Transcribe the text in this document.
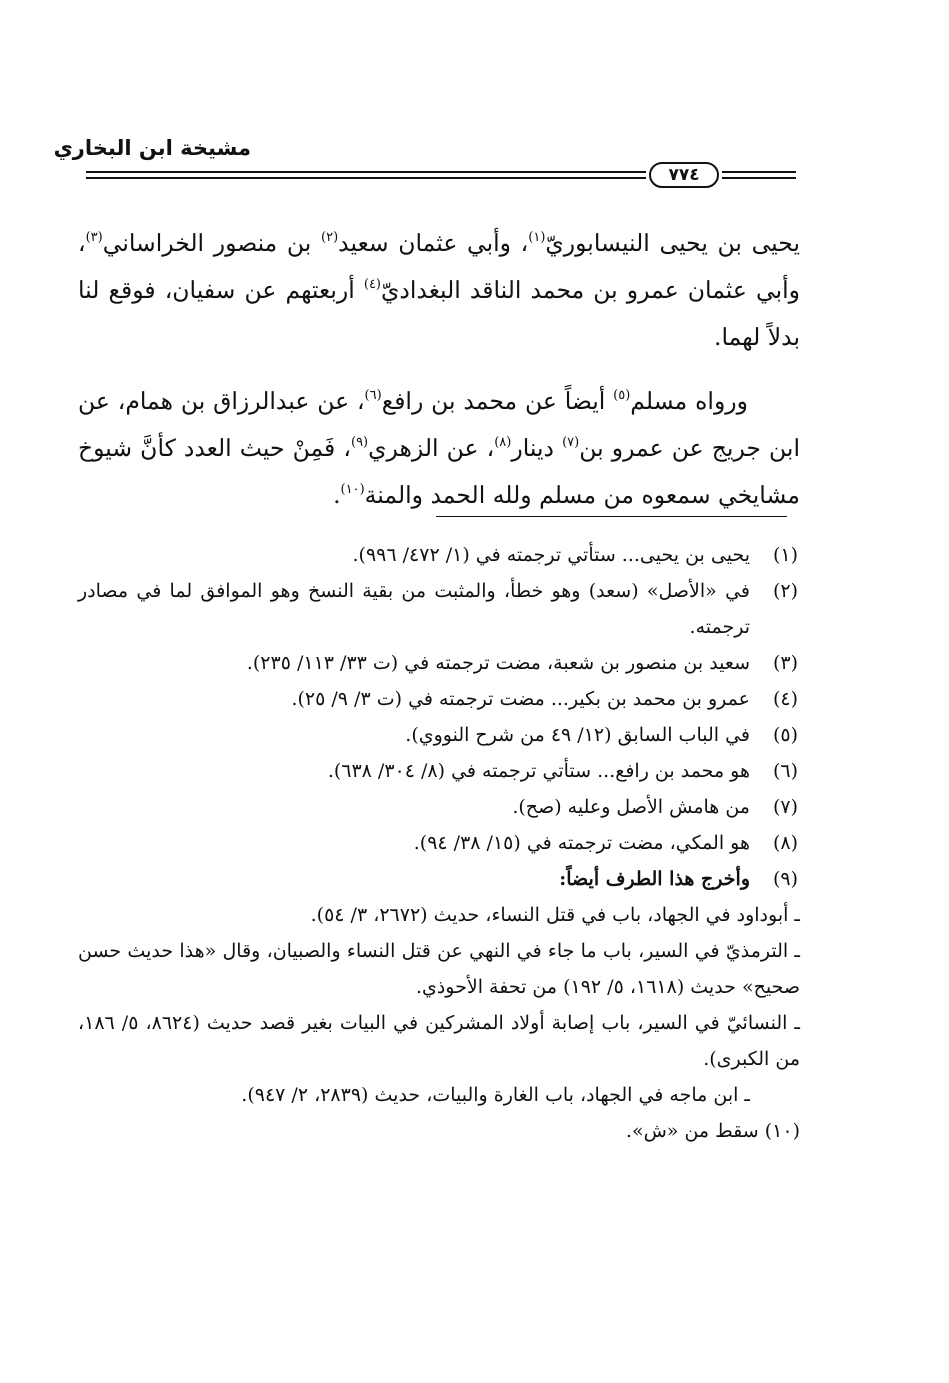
مشيخة ابن البخاري
٧٧٤

يحيى بن يحيى النيسابوريّ$^{(١)}$، وأبي عثمان سعيد$^{(٢)}$ بن منصور الخراساني$^{(٣)}$، وأبي عثمان عمرو بن محمد الناقد البغداديّ$^{(٤)}$ أربعتهم عن سفيان، فوقع لنا بدلاً لهما.

ورواه مسلم$^{(٥)}$ أيضاً عن محمد بن رافع$^{(٦)}$، عن عبدالرزاق بن همام، عن ابن جريج عن عمرو بن$^{(٧)}$ دينار$^{(٨)}$، عن الزهري$^{(٩)}$، فَمِنْ حيث العدد كأنَّ شيوخ مشايخي سمعوه من مسلم ولله الحمد والمنة$^{(١٠)}$.

(١)
يحيى بن يحيى... ستأتي ترجمته في (١/ ٤٧٢/ ٩٩٦).
(٢)
في «الأصل» (سعد) وهو خطأ، والمثبت من بقية النسخ وهو الموافق لما في مصادر ترجمته.
(٣)
سعيد بن منصور بن شعبة، مضت ترجمته في (ت ٣٣/ ١١٣/ ٢٣٥).
(٤)
عمرو بن محمد بن بكير... مضت ترجمته في (ت ٣/ ٩/ ٢٥).
(٥)
في الباب السابق (١٢/ ٤٩ من شرح النووي).
(٦)
هو محمد بن رافع... ستأتي ترجمته في (٨/ ٣٠٤/ ٦٣٨).
(٧)
من هامش الأصل وعليه (صح).
(٨)
هو المكي، مضت ترجمته في (١٥/ ٣٨/ ٩٤).
(٩)
وأخرج هذا الطرف أيضاً:
ـ أبوداود في الجهاد، باب في قتل النساء، حديث (٢٦٧٢، ٣/ ٥٤).
ـ الترمذيّ في السير، باب ما جاء في النهي عن قتل النساء والصبيان، وقال «هذا حديث حسن صحيح» حديث (١٦١٨، ٥/ ١٩٢) من تحفة الأحوذي.
ـ النسائيّ في السير، باب إصابة أولاد المشركين في البيات بغير قصد حديث (٨٦٢٤، ٥/ ١٨٦، من الكبرى).
ـ ابن ماجه في الجهاد، باب الغارة والبيات، حديث (٢٨٣٩، ٢/ ٩٤٧).
(١٠) سقط من «ش».
